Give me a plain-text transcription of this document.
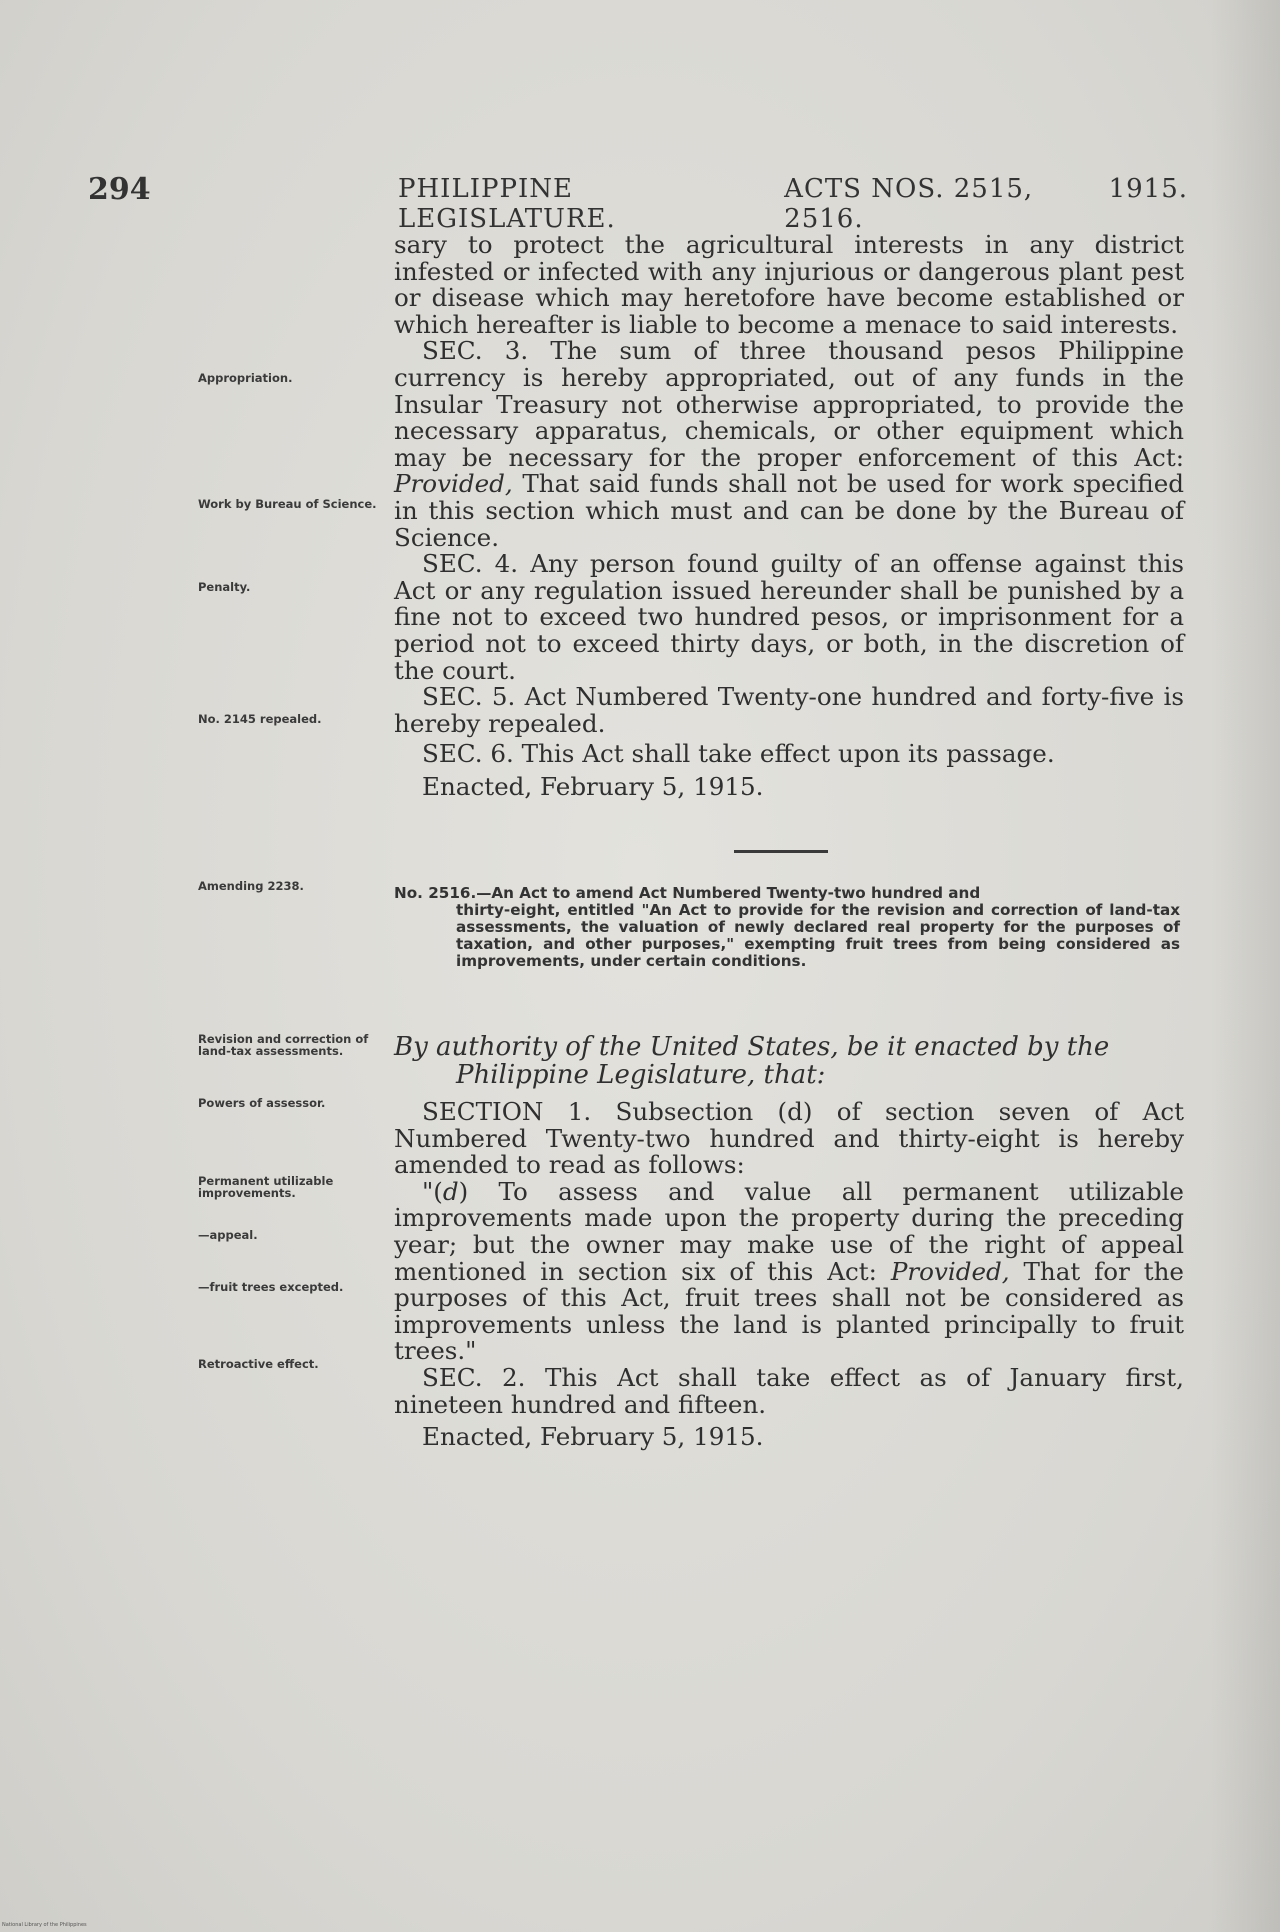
294	PHILIPPINE LEGISLATURE.
ACTS NOS. 2515, 2516.
1915.

sary to protect the agricultural interests in any district infested or infected with any injurious or dangerous plant pest or disease which may heretofore have become established or which hereafter is liable to become a menace to said interests.

SEC. 3. The sum of three thousand pesos Philippine currency is hereby appropriated, out of any funds in the Insular Treasury not otherwise appropriated, to provide the necessary apparatus, chemicals, or other equipment which may be necessary for the proper enforcement of this Act: Provided, That said funds shall not be used for work specified in this section which must and can be done by the Bureau of Science.

SEC. 4. Any person found guilty of an offense against this Act or any regulation issued hereunder shall be punished by a fine not to exceed two hundred pesos, or imprisonment for a period not to exceed thirty days, or both, in the discretion of the court.

SEC. 5. Act Numbered Twenty-one hundred and forty-five is hereby repealed.

SEC. 6. This Act shall take effect upon its passage.

Enacted, February 5, 1915.

Appropriation.
Work by Bureau of Science.
Penalty.
No. 2145 repealed.
Amending 2238.
Revision and correction of land-tax assessments.
Powers of assessor.
Permanent utilizable improvements.
—appeal.
—fruit trees excepted.
Retroactive effect.

No. 2516.—An Act to amend Act Numbered Twenty-two hundred and

thirty-eight, entitled "An Act to provide for the revision and correction of land-tax assessments, the valuation of newly declared real property for the purposes of taxation, and other purposes," exempting fruit trees from being considered as improvements, under certain conditions.

By authority of the United States, be it enacted by the

Philippine Legislature, that:

SECTION 1. Subsection (d) of section seven of Act Numbered Twenty-two hundred and thirty-eight is hereby amended to read as follows:

"(d) To assess and value all permanent utilizable improvements made upon the property during the preceding year; but the owner may make use of the right of appeal mentioned in section six of this Act: Provided, That for the purposes of this Act, fruit trees shall not be considered as improvements unless the land is planted principally to fruit trees."

SEC. 2. This Act shall take effect as of January first, nineteen hundred and fifteen.

Enacted, February 5, 1915.

National Library of the Philippines
